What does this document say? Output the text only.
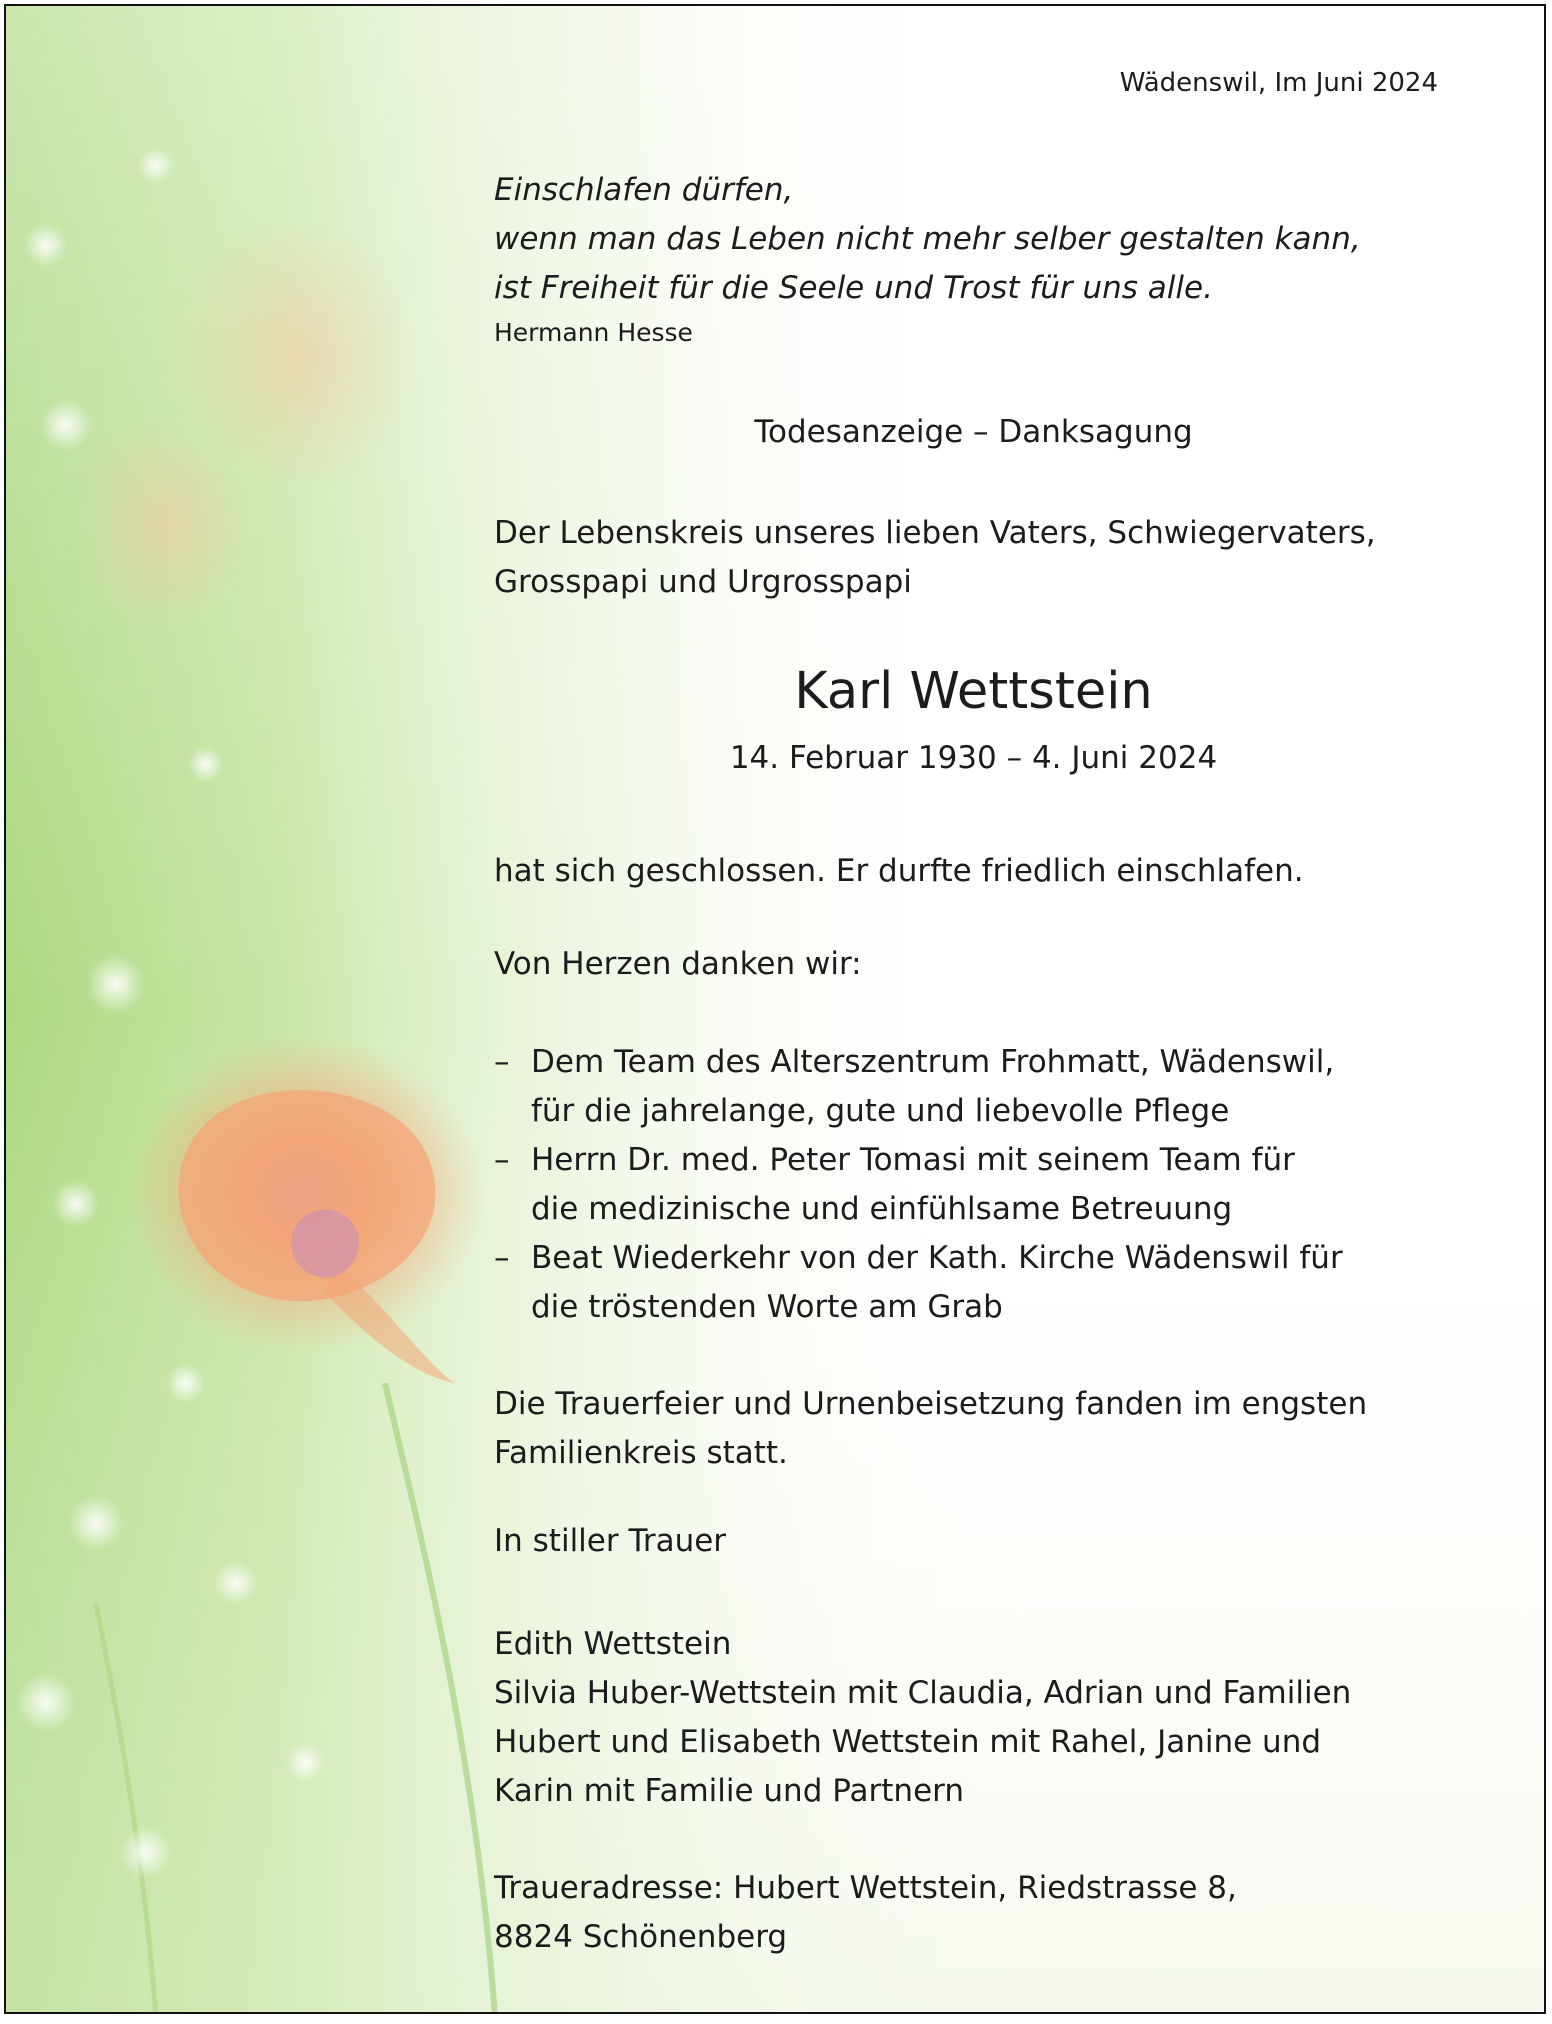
Wädenswil, Im Juni 2024

Einschlafen dürfen,
wenn man das Leben nicht mehr selber gestalten kann,
ist Freiheit für die Seele und Trost für uns alle.

Hermann Hesse

Todesanzeige – Danksagung

Der Lebenskreis unseres lieben Vaters, Schwiegervaters,
Grosspapi und Urgrosspapi

Karl Wettstein

14. Februar 1930 – 4. Juni 2024

hat sich geschlossen. Er durfte friedlich einschlafen.

Von Herzen danken wir:

– Dem Team des Alterszentrum Frohmatt, Wädenswil,
für die jahrelange, gute und liebevolle Pflege
– Herrn Dr. med. Peter Tomasi mit seinem Team für
die medizinische und einfühlsame Betreuung
– Beat Wiederkehr von der Kath. Kirche Wädenswil für
die tröstenden Worte am Grab
Die Trauerfeier und Urnenbeisetzung fanden im engsten
Familienkreis statt.

In stiller Trauer

Edith Wettstein
Silvia Huber-Wettstein mit Claudia, Adrian und Familien
Hubert und Elisabeth Wettstein mit Rahel, Janine und
Karin mit Familie und Partnern
Traueradresse: Hubert Wettstein, Riedstrasse 8,
8824 Schönenberg
